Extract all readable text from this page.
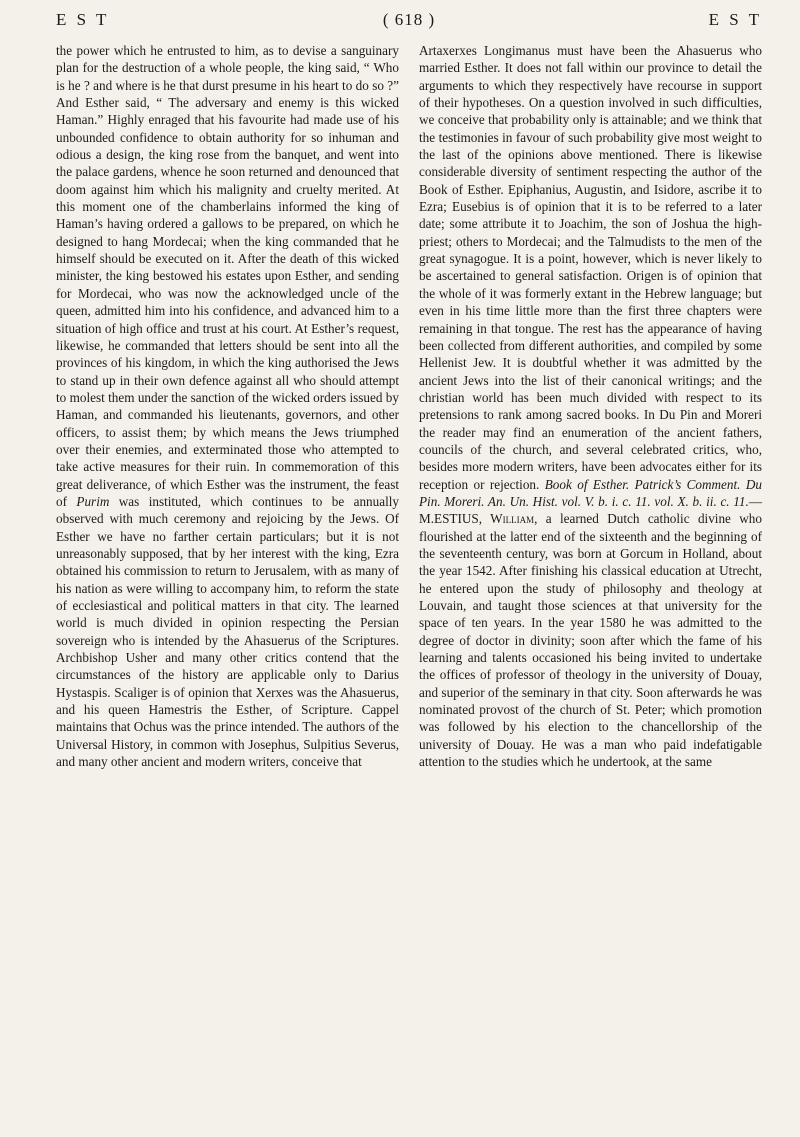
E S T	( 618 )	E S T

the power which he entrusted to him, as to devise a sanguinary plan for the destruction of a whole people, the king said, “ Who is he ? and where is he that durst presume in his heart to do so ?” And Esther said, “ The adversary and enemy is this wicked Haman.” Highly enraged that his favourite had made use of his unbounded confidence to obtain authority for so inhuman and odious a design, the king rose from the banquet, and went into the palace gardens, whence he soon returned and denounced that doom against him which his malignity and cruelty merited. At this moment one of the chamberlains informed the king of Haman’s having ordered a gallows to be prepared, on which he designed to hang Mordecai; when the king commanded that he himself should be executed on it. After the death of this wicked minister, the king bestowed his estates upon Esther, and sending for Mordecai, who was now the acknowledged uncle of the queen, admitted him into his confidence, and advanced him to a situation of high office and trust at his court. At Esther’s request, likewise, he commanded that letters should be sent into all the provinces of his kingdom, in which the king authorised the Jews to stand up in their own defence against all who should attempt to molest them under the sanction of the wicked orders issued by Haman, and commanded his lieutenants, governors, and other officers, to assist them; by which means the Jews triumphed over their enemies, and exterminated those who attempted to take active measures for their ruin. In commemoration of this great deliverance, of which Esther was the instrument, the feast of Purim was instituted, which continues to be annually observed with much ceremony and rejoicing by the Jews. Of Esther we have no farther certain particulars; but it is not unreasonably supposed, that by her interest with the king, Ezra obtained his commission to return to Jerusalem, with as many of his nation as were willing to accompany him, to reform the state of ecclesiastical and political matters in that city. The learned world is much divided in opinion respecting the Persian sovereign who is intended by the Ahasuerus of the Scriptures. Archbishop Usher and many other critics contend that the circumstances of the history are applicable only to Darius Hystaspis. Scaliger is of opinion that Xerxes was the Ahasuerus, and his queen Hamestris the Esther, of Scripture. Cappel maintains that Ochus was the prince intended. The authors of the Universal History, in common with Josephus, Sulpitius Severus, and many other ancient and modern writers, conceive that

Artaxerxes Longimanus must have been the Ahasuerus who married Esther. It does not fall within our province to detail the arguments to which they respectively have recourse in support of their hypotheses. On a question involved in such difficulties, we conceive that probability only is attainable; and we think that the testimonies in favour of such probability give most weight to the last of the opinions above mentioned. There is likewise considerable diversity of sentiment respecting the author of the Book of Esther. Epiphanius, Augustin, and Isidore, ascribe it to Ezra; Eusebius is of opinion that it is to be referred to a later date; some attribute it to Joachim, the son of Joshua the high-priest; others to Mordecai; and the Talmudists to the men of the great synagogue. It is a point, however, which is never likely to be ascertained to general satisfaction. Origen is of opinion that the whole of it was formerly extant in the Hebrew language; but even in his time little more than the first three chapters were remaining in that tongue. The rest has the appearance of having been collected from different authorities, and compiled by some Hellenist Jew. It is doubtful whether it was admitted by the ancient Jews into the list of their canonical writings; and the christian world has been much divided with respect to its pretensions to rank among sacred books. In Du Pin and Moreri the reader may find an enumeration of the ancient fathers, councils of the church, and several celebrated critics, who, besides more modern writers, have been advocates either for its reception or rejection. Book of Esther. Patrick’s Comment. Du Pin. Moreri. An. Un. Hist. vol. V. b. i. c. 11. vol. X. b. ii. c. 11.—M.ESTIUS, William, a learned Dutch catholic divine who flourished at the latter end of the sixteenth and the beginning of the seventeenth century, was born at Gorcum in Holland, about the year 1542. After finishing his classical education at Utrecht, he entered upon the study of philosophy and theology at Louvain, and taught those sciences at that university for the space of ten years. In the year 1580 he was admitted to the degree of doctor in divinity; soon after which the fame of his learning and talents occasioned his being invited to undertake the offices of professor of theology in the university of Douay, and superior of the seminary in that city. Soon afterwards he was nominated provost of the church of St. Peter; which promotion was followed by his election to the chancellorship of the university of Douay. He was a man who paid indefatigable attention to the studies which he undertook, at the same
